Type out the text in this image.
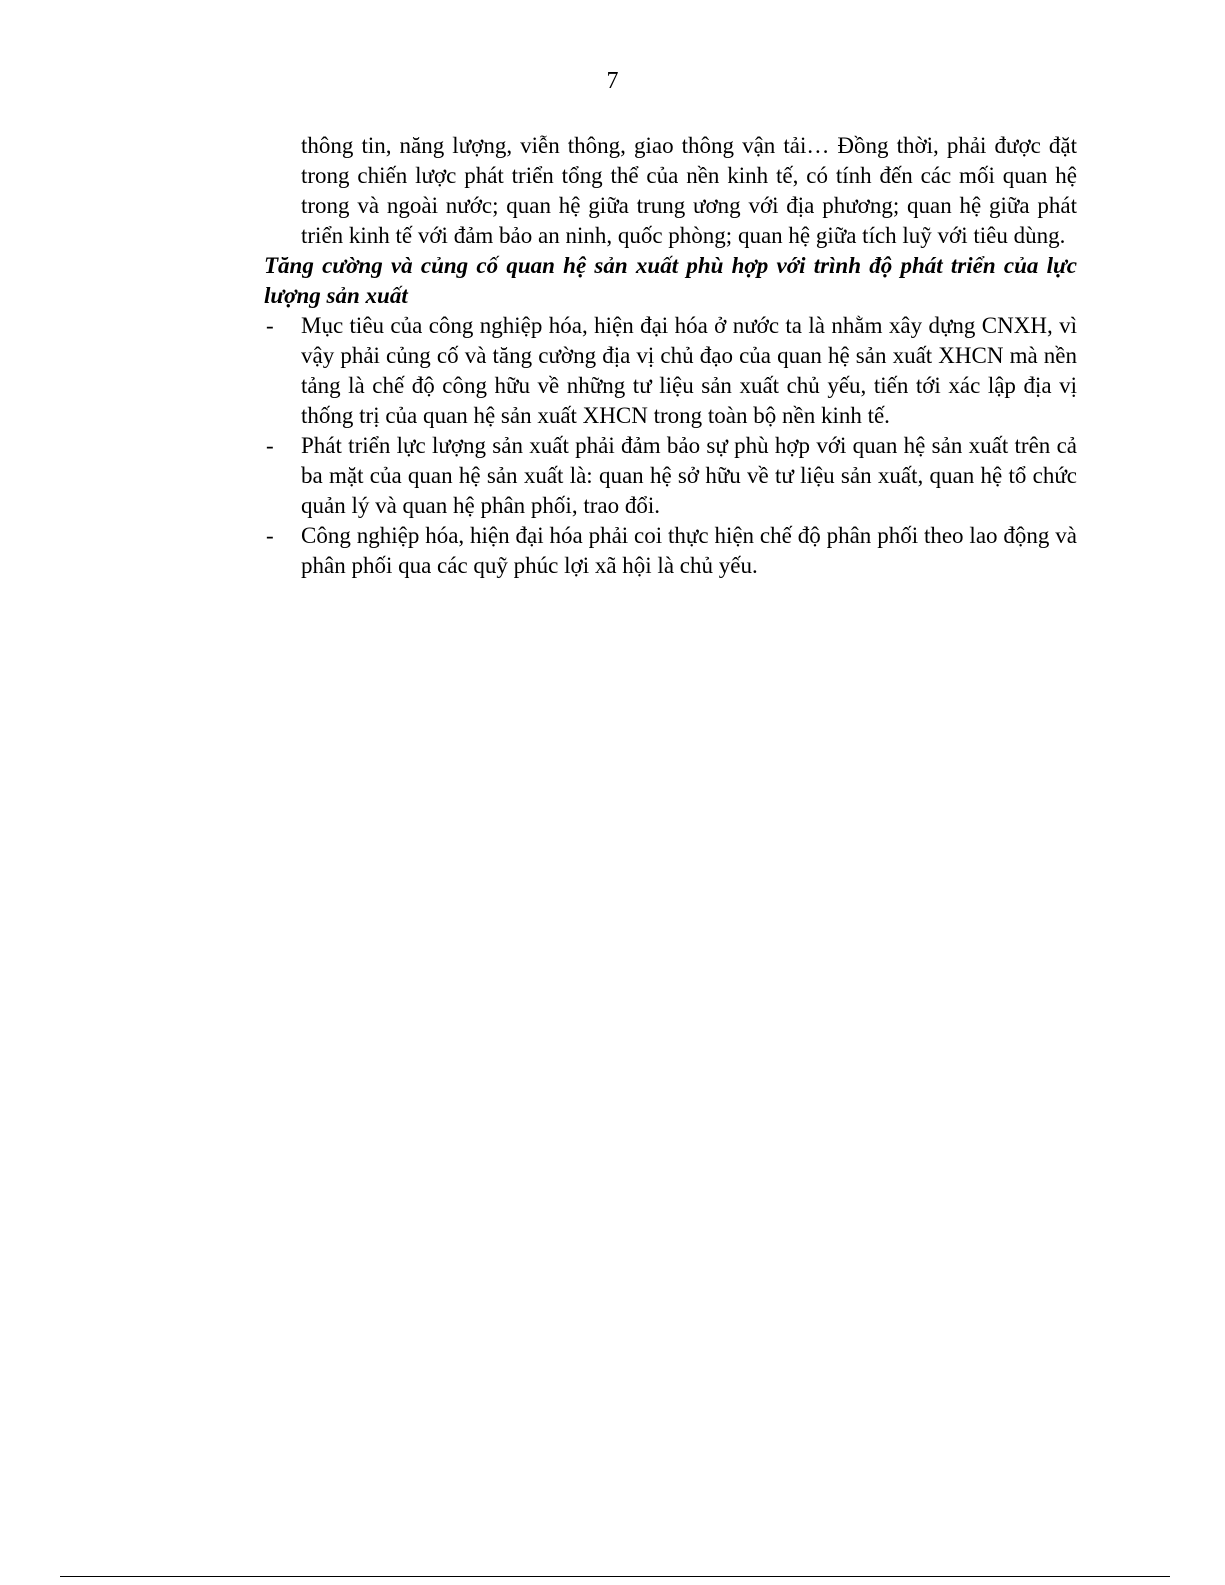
7

thông tin, năng lượng, viễn thông, giao thông vận tải… Đồng thời, phải được đặt trong chiến lược phát triển tổng thể của nền kinh tế, có tính đến các mối quan hệ trong và ngoài nước; quan hệ giữa trung ương với địa phương; quan hệ giữa phát triển kinh tế với đảm bảo an ninh, quốc phòng; quan hệ giữa tích luỹ với tiêu dùng.

Tăng cường và củng cố quan hệ sản xuất phù hợp với trình độ phát triển của lực lượng sản xuất

- Mục tiêu của công nghiệp hóa, hiện đại hóa ở nước ta là nhằm xây dựng CNXH, vì vậy phải củng cố và tăng cường địa vị chủ đạo của quan hệ sản xuất XHCN mà nền tảng là chế độ công hữu về những tư liệu sản xuất chủ yếu, tiến tới xác lập địa vị thống trị của quan hệ sản xuất XHCN trong toàn bộ nền kinh tế.
- Phát triển lực lượng sản xuất phải đảm bảo sự phù hợp với quan hệ sản xuất trên cả ba mặt của quan hệ sản xuất là: quan hệ sở hữu về tư liệu sản xuất, quan hệ tổ chức quản lý và quan hệ phân phối, trao đổi.
- Công nghiệp hóa, hiện đại hóa phải coi thực hiện chế độ phân phối theo lao động và phân phối qua các quỹ phúc lợi xã hội là chủ yếu.
